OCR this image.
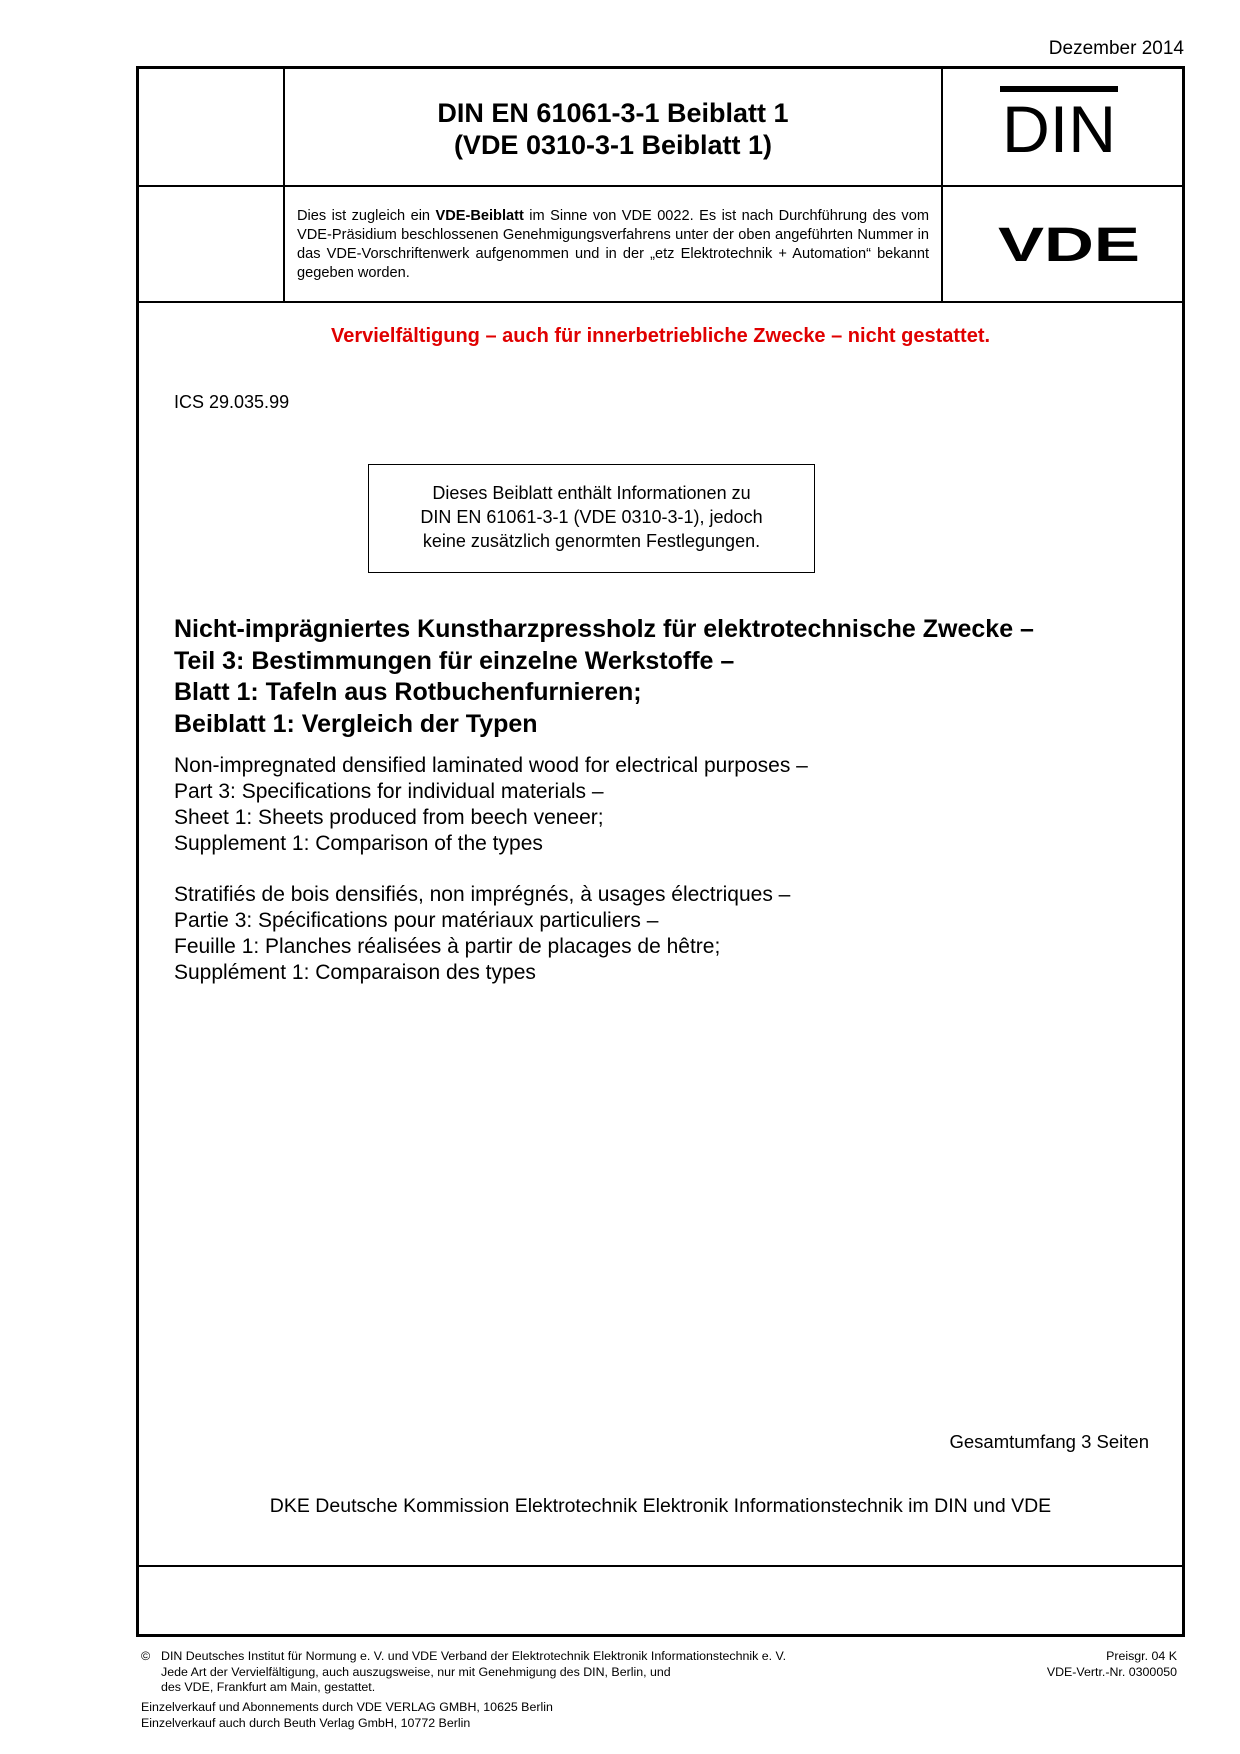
Dezember 2014
DIN EN 61061-3-1 Beiblatt 1
(VDE 0310-3-1 Beiblatt 1)	DIN
Dies ist zugleich ein VDE-Beiblatt im Sinne von VDE 0022. Es ist nach Durchführung des vom VDE-Präsidium beschlossenen Genehmigungsverfahrens unter der oben angeführten Nummer in das VDE-Vorschriftenwerk aufgenommen und in der „etz Elektrotechnik + Automation“ bekannt gegeben worden.
VDE
Vervielfältigung – auch für innerbetriebliche Zwecke – nicht gestattet.
ICS 29.035.99
Dieses Beiblatt enthält Informationen zu
DIN EN 61061-3-1 (VDE 0310-3-1), jedoch
keine zusätzlich genormten Festlegungen.
Nicht-imprägniertes Kunstharzpressholz für elektrotechnische Zwecke –
Teil 3: Bestimmungen für einzelne Werkstoffe –
Blatt 1: Tafeln aus Rotbuchenfurnieren;
Beiblatt 1: Vergleich der Typen
Non-impregnated densified laminated wood for electrical purposes –
Part 3: Specifications for individual materials –
Sheet 1: Sheets produced from beech veneer;
Supplement 1: Comparison of the types
Stratifiés de bois densifiés, non imprégnés, à usages électriques –
Partie 3: Spécifications pour matériaux particuliers –
Feuille 1: Planches réalisées à partir de placages de hêtre;
Supplément 1: Comparaison des types
Gesamtumfang 3 Seiten
DKE Deutsche Kommission Elektrotechnik Elektronik Informationstechnik im DIN und VDE
© DIN Deutsches Institut für Normung e. V. und VDE Verband der Elektrotechnik Elektronik Informationstechnik e. V.
Jede Art der Vervielfältigung, auch auszugsweise, nur mit Genehmigung des DIN, Berlin, und
des VDE, Frankfurt am Main, gestattet.
Einzelverkauf und Abonnements durch VDE VERLAG GMBH, 10625 Berlin
Einzelverkauf auch durch Beuth Verlag GmbH, 10772 Berlin
Preisgr. 04 K
VDE-Vertr.-Nr. 0300050
